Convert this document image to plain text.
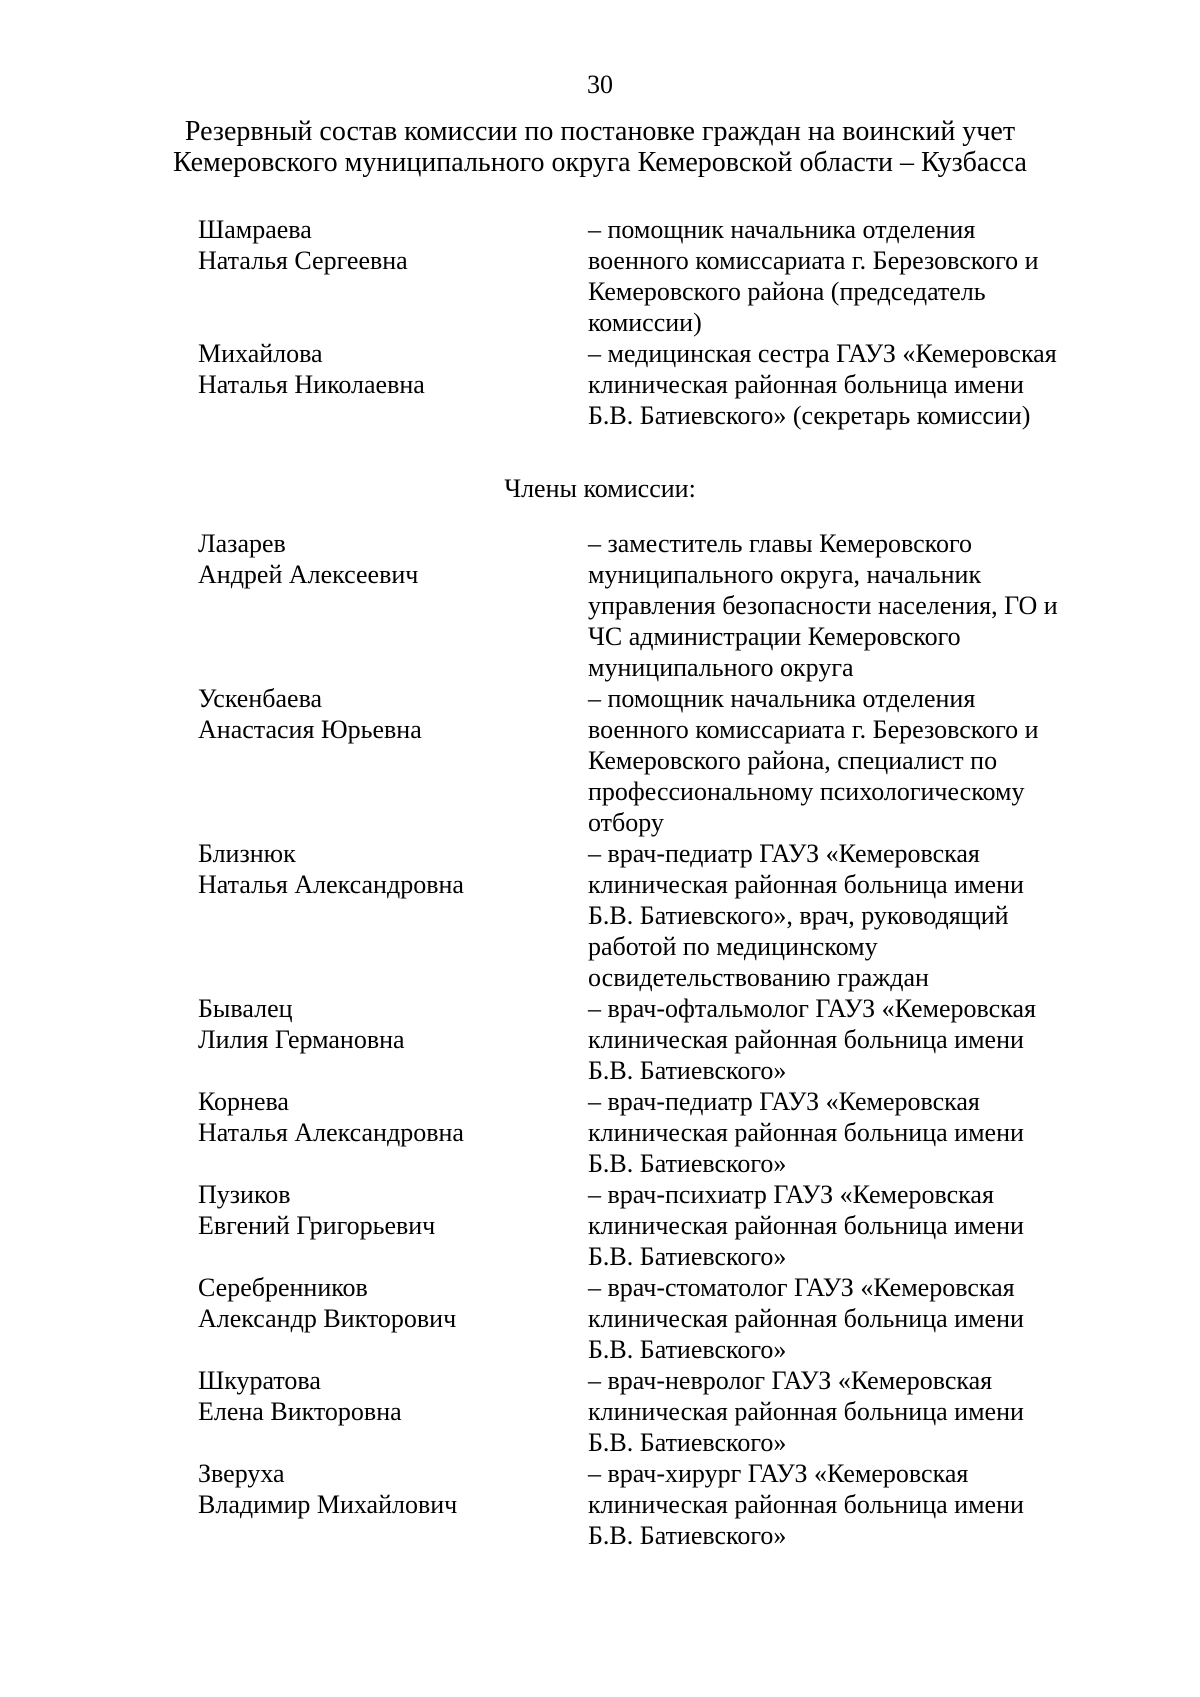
30
Резервный состав комиссии по постановке граждан на воинский учет
Кемеровского муниципального округа Кемеровской области – Кузбасса
Шамраева
Наталья Сергеевна
– помощник начальника отделения
военного комиссариата г. Березовского и
Кемеровского района (председатель
комиссии)
Михайлова
Наталья Николаевна
– медицинская сестра ГАУЗ «Кемеровская
клиническая районная больница имени
Б.В. Батиевского» (секретарь комиссии)
Члены комиссии:
Лазарев
Андрей Алексеевич
– заместитель главы Кемеровского
муниципального округа, начальник
управления безопасности населения, ГО и
ЧС администрации Кемеровского
муниципального округа
Ускенбаева
Анастасия Юрьевна
– помощник начальника отделения
военного комиссариата г. Березовского и
Кемеровского района, специалист по
профессиональному психологическому
отбору
Близнюк
Наталья Александровна
– врач-педиатр ГАУЗ «Кемеровская
клиническая районная больница имени
Б.В. Батиевского», врач, руководящий
работой по медицинскому
освидетельствованию граждан
Бывалец
Лилия Германовна
– врач-офтальмолог ГАУЗ «Кемеровская
клиническая районная больница имени
Б.В. Батиевского»
Корнева
Наталья Александровна
– врач-педиатр ГАУЗ «Кемеровская
клиническая районная больница имени
Б.В. Батиевского»
Пузиков
Евгений Григорьевич
– врач-психиатр ГАУЗ «Кемеровская
клиническая районная больница имени
Б.В. Батиевского»
Серебренников
Александр Викторович
– врач-стоматолог ГАУЗ «Кемеровская
клиническая районная больница имени
Б.В. Батиевского»
Шкуратова
Елена Викторовна
– врач-невролог ГАУЗ «Кемеровская
клиническая районная больница имени
Б.В. Батиевского»
Зверуха
Владимир Михайлович
– врач-хирург ГАУЗ «Кемеровская
клиническая районная больница имени
Б.В. Батиевского»
